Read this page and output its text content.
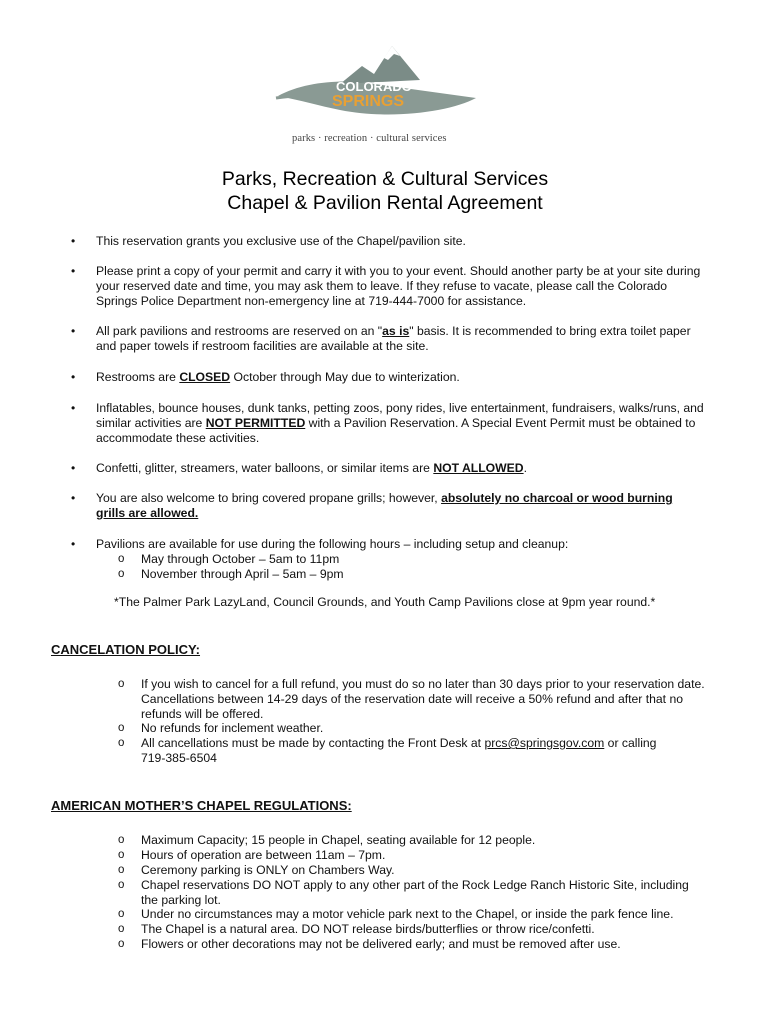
COLORADO
SPRINGS
parks · recreation · cultural services
Parks, Recreation & Cultural Services
Chapel & Pavilion Rental Agreement
•
This reservation grants you exclusive use of the Chapel/pavilion site.
•
Please print a copy of your permit and carry it with you to your event. Should another party be at your site during
your reserved date and time, you may ask them to leave. If they refuse to vacate, please call the Colorado
Springs Police Department non-emergency line at 719-444-7000 for assistance.
•
All park pavilions and restrooms are reserved on an "as is" basis. It is recommended to bring extra toilet paper
and paper towels if restroom facilities are available at the site.
•
Restrooms are CLOSED October through May due to winterization.
•
Inflatables, bounce houses, dunk tanks, petting zoos, pony rides, live entertainment, fundraisers, walks/runs, and
similar activities are NOT PERMITTED with a Pavilion Reservation. A Special Event Permit must be obtained to
accommodate these activities.
•
Confetti, glitter, streamers, water balloons, or similar items are NOT ALLOWED.
•
You are also welcome to bring covered propane grills; however, absolutely no charcoal or wood burning
grills are allowed.
•
Pavilions are available for use during the following hours – including setup and cleanup:
o
May through October – 5am to 11pm
o
November through April – 5am – 9pm
*The Palmer Park LazyLand, Council Grounds, and Youth Camp Pavilions close at 9pm year round.*
CANCELATION POLICY:
o
If you wish to cancel for a full refund, you must do so no later than 30 days prior to your reservation date.
Cancellations between 14-29 days of the reservation date will receive a 50% refund and after that no
refunds will be offered.
o
No refunds for inclement weather.
o
All cancellations must be made by contacting the Front Desk at prcs@springsgov.com or calling
719-385-6504
AMERICAN MOTHER’S CHAPEL REGULATIONS:
o
Maximum Capacity; 15 people in Chapel, seating available for 12 people.
o
Hours of operation are between 11am – 7pm.
o
Ceremony parking is ONLY on Chambers Way.
o
Chapel reservations DO NOT apply to any other part of the Rock Ledge Ranch Historic Site, including
the parking lot.
o
Under no circumstances may a motor vehicle park next to the Chapel, or inside the park fence line.
o
The Chapel is a natural area. DO NOT release birds/butterflies or throw rice/confetti.
o
Flowers or other decorations may not be delivered early; and must be removed after use.
